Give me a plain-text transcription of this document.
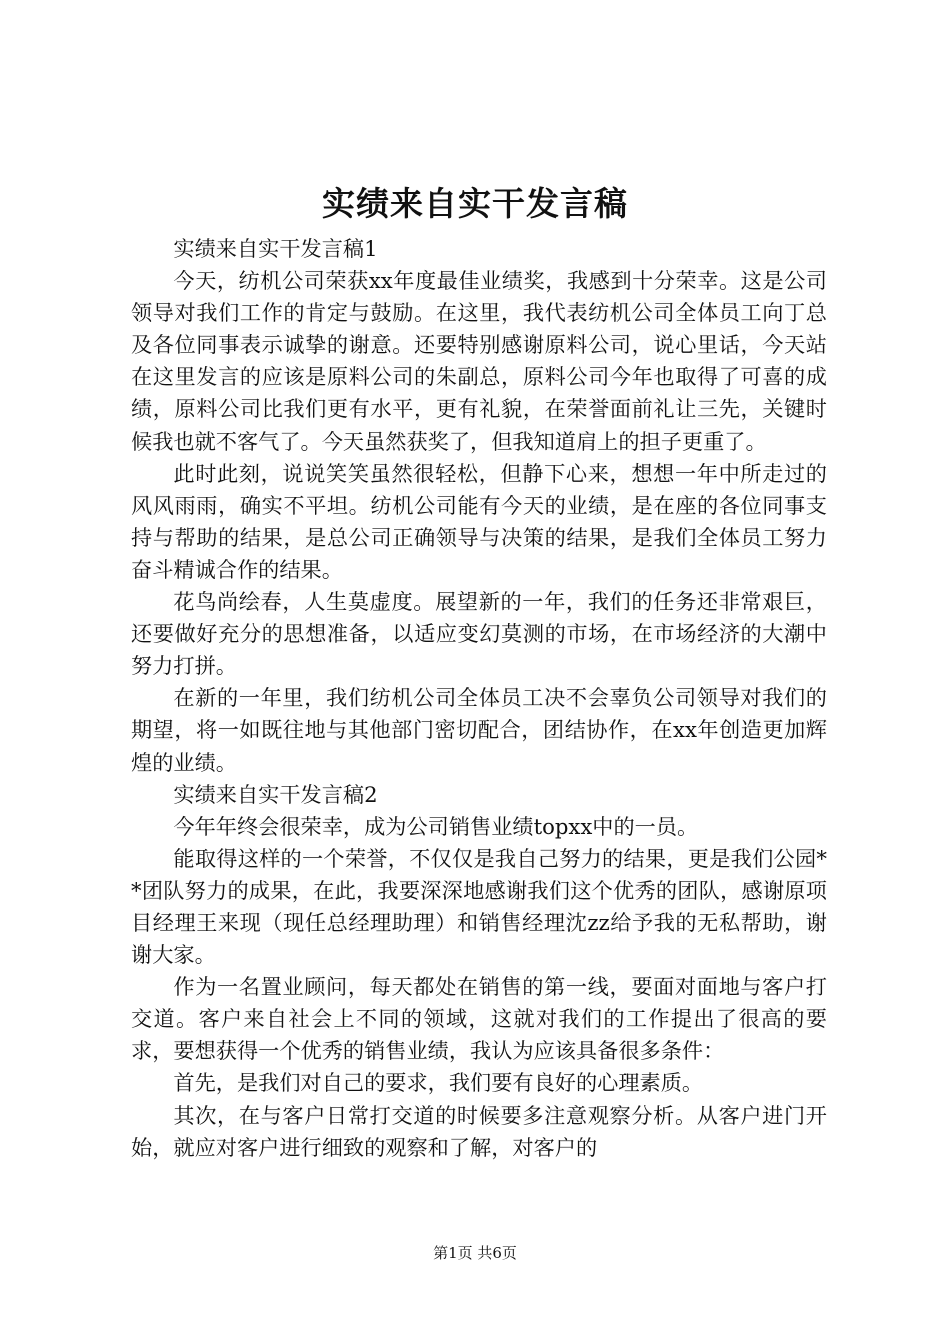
实绩来自实干发言稿

实绩来自实干发言稿1

今天，纺机公司荣获xx年度最佳业绩奖，我感到十分荣幸。这是公司领导对我们工作的肯定与鼓励。在这里，我代表纺机公司全体员工向丁总及各位同事表示诚挚的谢意。还要特别感谢原料公司，说心里话，今天站在这里发言的应该是原料公司的朱副总，原料公司今年也取得了可喜的成绩，原料公司比我们更有水平，更有礼貌，在荣誉面前礼让三先，关键时候我也就不客气了。今天虽然获奖了，但我知道肩上的担子更重了。

此时此刻，说说笑笑虽然很轻松，但静下心来，想想一年中所走过的风风雨雨，确实不平坦。纺机公司能有今天的业绩，是在座的各位同事支持与帮助的结果，是总公司正确领导与决策的结果，是我们全体员工努力奋斗精诚合作的结果。

花鸟尚绘春，人生莫虚度。展望新的一年，我们的任务还非常艰巨，还要做好充分的思想准备，以适应变幻莫测的市场，在市场经济的大潮中努力打拼。

在新的一年里，我们纺机公司全体员工决不会辜负公司领导对我们的期望，将一如既往地与其他部门密切配合，团结协作，在xx年创造更加辉煌的业绩。

实绩来自实干发言稿2

今年年终会很荣幸，成为公司销售业绩topxx中的一员。

能取得这样的一个荣誉，不仅仅是我自己努力的结果，更是我们公园**团队努力的成果，在此，我要深深地感谢我们这个优秀的团队，感谢原项目经理王来现（现任总经理助理）和销售经理沈zz给予我的无私帮助，谢谢大家。

作为一名置业顾问，每天都处在销售的第一线，要面对面地与客户打交道。客户来自社会上不同的领域，这就对我们的工作提出了很高的要求，要想获得一个优秀的销售业绩，我认为应该具备很多条件：

首先，是我们对自己的要求，我们要有良好的心理素质。

其次，在与客户日常打交道的时候要多注意观察分析。从客户进门开始，就应对客户进行细致的观察和了解，对客户的

第1页 共6页
